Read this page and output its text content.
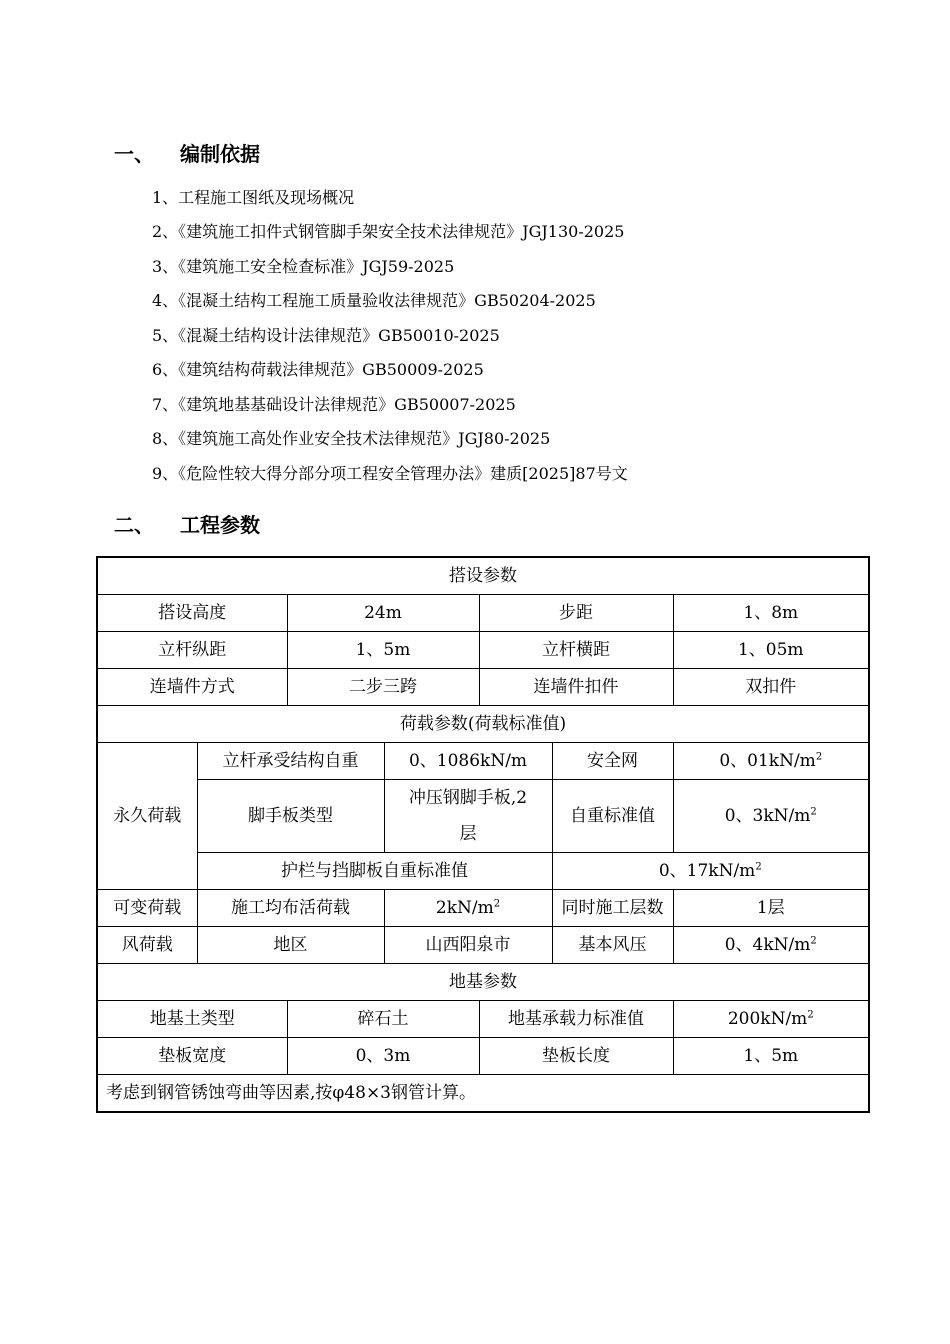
一、 编制依据
1、工程施工图纸及现场概况
2、《建筑施工扣件式钢管脚手架安全技术法律规范》JGJ130-2025
3、《建筑施工安全检查标准》JGJ59-2025
4、《混凝土结构工程施工质量验收法律规范》GB50204-2025
5、《混凝土结构设计法律规范》GB50010-2025
6、《建筑结构荷载法律规范》GB50009-2025
7、《建筑地基基础设计法律规范》GB50007-2025
8、《建筑施工高处作业安全技术法律规范》JGJ80-2025
9、《危险性较大得分部分项工程安全管理办法》建质[2025]87号文
二、 工程参数
搭设参数						
搭设高度		24m		步距		1、8m
立杆纵距		1、5m		立杆横距		1、05m
连墙件方式		二步三跨		连墙件扣件		双扣件
荷载参数(荷载标准值)						
永久荷载	立杆承受结构自重		0、1086kN/m		安全网	0、$01kN/m^2$
	脚手板类型		冲压钢脚手板,2层		自重标准值	0、$3kN/m^2$
	护栏与挡脚板自重标准值				0、$17kN/m^2$
可变荷载	施工均布活荷载		$2kN/m^2$		同时施工层数	1层
风荷载	地区		山西阳泉市		基本风压	0、$4kN/m^2$
地基参数						
地基土类型		碎石土		地基承载力标准值		$200kN/m^2$
垫板宽度		0、3m		垫板长度		1、5m
考虑到钢管锈蚀弯曲等因素,按φ48×3钢管计算。						
